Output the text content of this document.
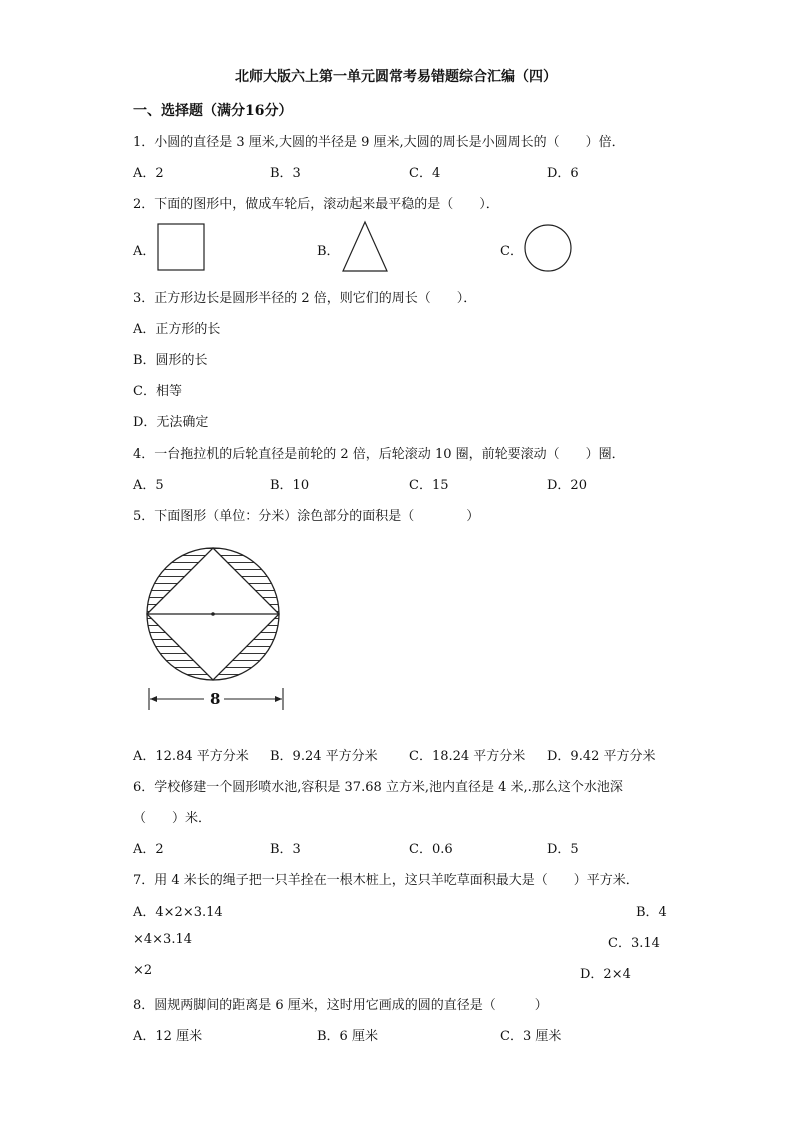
北师大版六上第一单元圆常考易错题综合汇编（四）
一、选择题（满分16分）
1．小圆的直径是 3 厘米,大圆的半径是 9 厘米,大圆的周长是小圆周长的（　　）倍．
A．2	B．3	C．4	D．6
2．下面的图形中，做成车轮后，滚动起来最平稳的是（　　）．
A．	B．	C．
3．正方形边长是圆形半径的 2 倍，则它们的周长（　　）．
A．正方形的长
B．圆形的长
C．相等
D．无法确定
4．一台拖拉机的后轮直径是前轮的 2 倍，后轮滚动 10 圈，前轮要滚动（　　）圈．
A．5	B．10	C．15	D．20
5．下面图形（单位：分米）涂色部分的面积是（　　　　）
8
A．12.84 平方分米 B．9.24 平方分米 C．18.24 平方分米 D．9.42 平方分米
6．学校修建一个圆形喷水池,容积是 37.68 立方米,池内直径是 4 米,.那么这个水池深
（　　）米．
A．2	B．3	C．0.6	D．5
7．用 4 米长的绳子把一只羊拴在一根木桩上，这只羊吃草面积最大是（　　）平方米．
A．4×2×3.14	B．4
×4×3.14	C．3.14
×2	D．2×4
8．圆规两脚间的距离是 6 厘米，这时用它画成的圆的直径是（　　　）
A．12 厘米	B．6 厘米	C．3 厘米
